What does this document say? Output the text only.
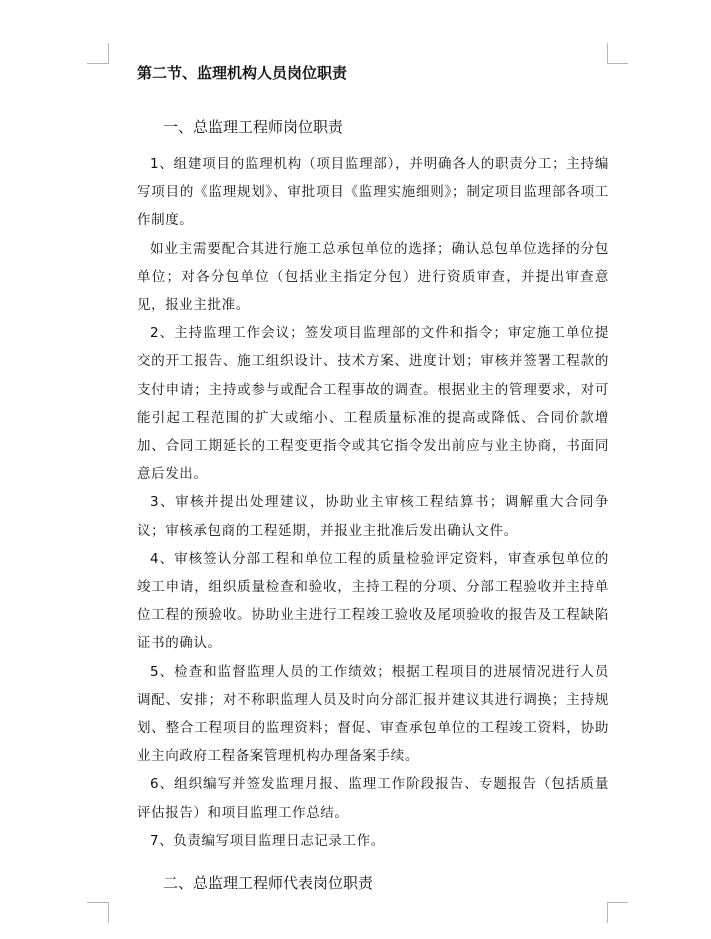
第二节、监理机构人员岗位职责
一、总监理工程师岗位职责

1、组建项目的监理机构（项目监理部），并明确各人的职责分工；主持编写项目的《监理规划》、审批项目《监理实施细则》；制定项目监理部各项工作制度。

如业主需要配合其进行施工总承包单位的选择；确认总包单位选择的分包单位；对各分包单位（包括业主指定分包）进行资质审查，并提出审查意见，报业主批准。

2、主持监理工作会议；签发项目监理部的文件和指令；审定施工单位提交的开工报告、施工组织设计、技术方案、进度计划；审核并签署工程款的支付申请；主持或参与或配合工程事故的调查。根据业主的管理要求，对可能引起工程范围的扩大或缩小、工程质量标准的提高或降低、合同价款增加、合同工期延长的工程变更指令或其它指令发出前应与业主协商，书面同意后发出。

3、审核并提出处理建议，协助业主审核工程结算书；调解重大合同争议；审核承包商的工程延期，并报业主批准后发出确认文件。

4、审核签认分部工程和单位工程的质量检验评定资料，审查承包单位的竣工申请，组织质量检查和验收，主持工程的分项、分部工程验收并主持单位工程的预验收。协助业主进行工程竣工验收及尾项验收的报告及工程缺陷证书的确认。

5、检查和监督监理人员的工作绩效；根据工程项目的进展情况进行人员调配、安排；对不称职监理人员及时向分部汇报并建议其进行调换；主持规划、整合工程项目的监理资料；督促、审查承包单位的工程竣工资料，协助业主向政府工程备案管理机构办理备案手续。

6、组织编写并签发监理月报、监理工作阶段报告、专题报告（包括质量评估报告）和项目监理工作总结。

7、负责编写项目监理日志记录工作。

二、总监理工程师代表岗位职责
